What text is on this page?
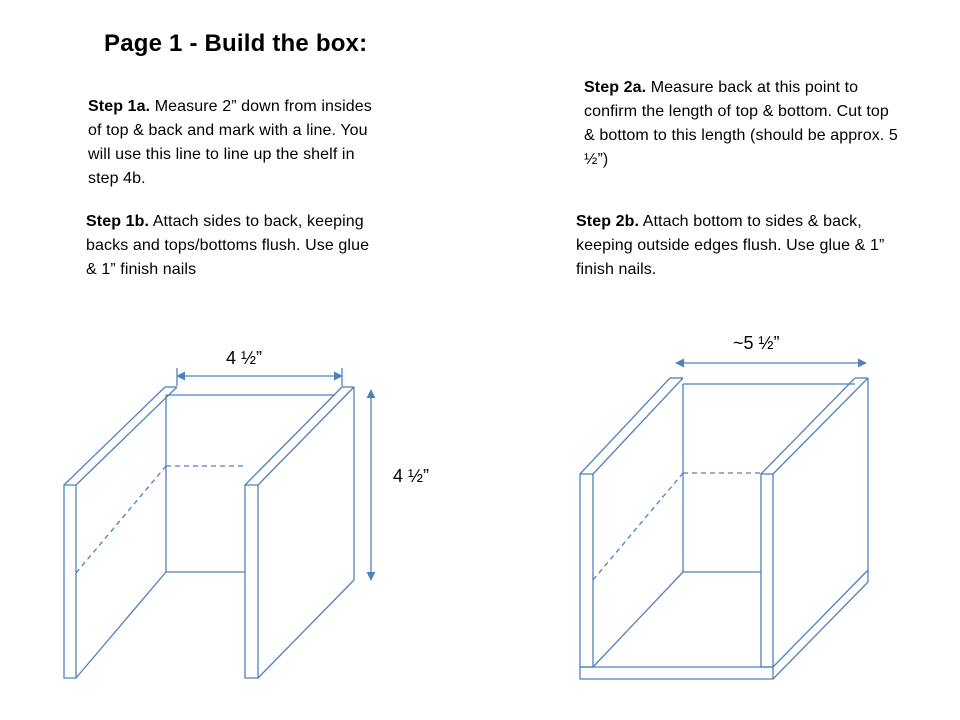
Page 1 - Build the box:
Step 1a. Measure 2” down from insides of top & back and mark with a line. You will use this line to line up the shelf in step 4b.
Step 1b. Attach sides to back, keeping backs and tops/bottoms flush. Use glue & 1” finish nails
Step 2a. Measure back at this point to confirm the length of top & bottom. Cut top & bottom to this length (should be approx. 5 ½”)
Step 2b. Attach bottom to sides & back, keeping outside edges flush. Use glue & 1” finish nails.
4 ½”
4 ½”
~5 ½”
